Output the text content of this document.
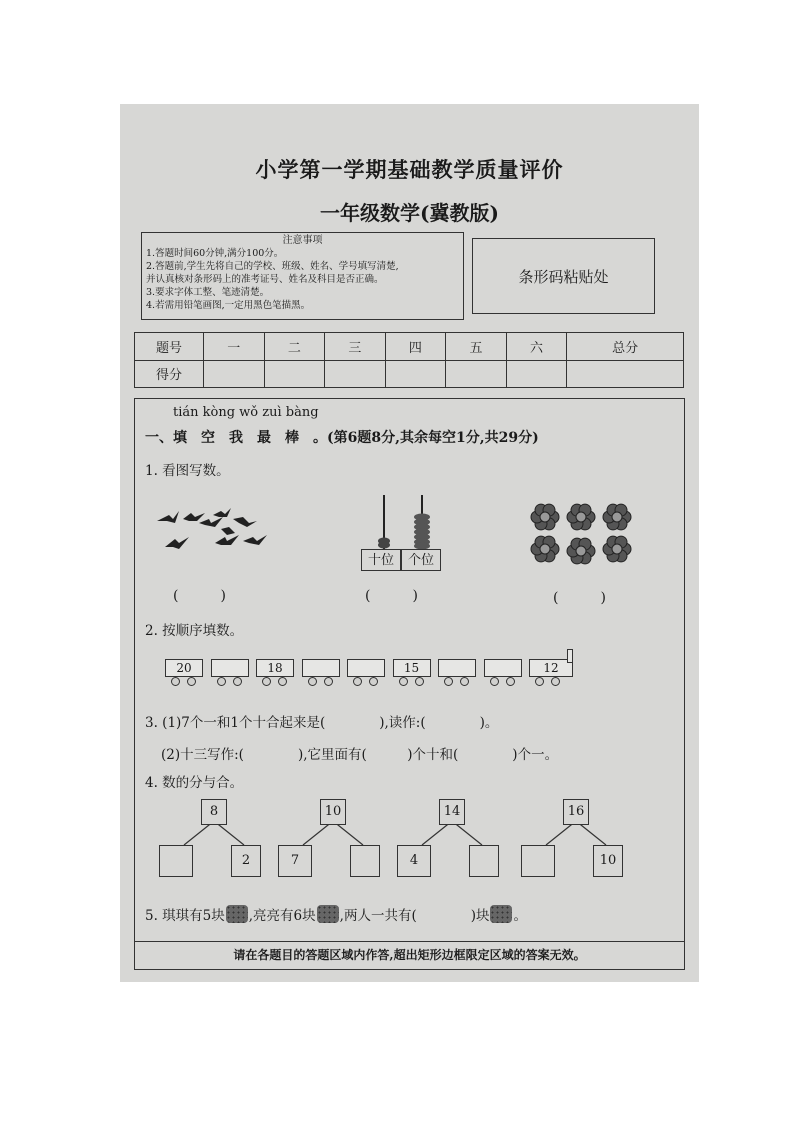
小学第一学期基础教学质量评价
一年级数学(冀教版)
注意事项
1.答题时间60分钟,满分100分。
2.答题前,学生先将自己的学校、班级、姓名、学号填写清楚,
并认真核对条形码上的准考证号、姓名及科目是否正确。
3.要求字体工整、笔迹清楚。
4.若需用铅笔画图,一定用黑色笔描黑。
条形码粘贴处
题号	一	二	三	四	五	六	总分
得分							
tián kòng wǒ zuì bàng
一、填　空　我　最　棒　。(第6题8分,其余每空1分,共29分)
1. 看图写数。
十位	个位
(　　　)	(　　　)	(　　　)
2. 按顺序填数。
20	18	15	12
3. (1)7个一和1个十合起来是(　　　　),读作:(　　　　)。
(2)十三写作:(　　　　),它里面有(　　　)个十和(　　　　)个一。
4. 数的分与合。
8
2
10
7
14
4
16
10
5. 琪琪有5块 ,亮亮有6块 ,两人一共有(　　　　)块 。
请在各题目的答题区域内作答,超出矩形边框限定区域的答案无效。
